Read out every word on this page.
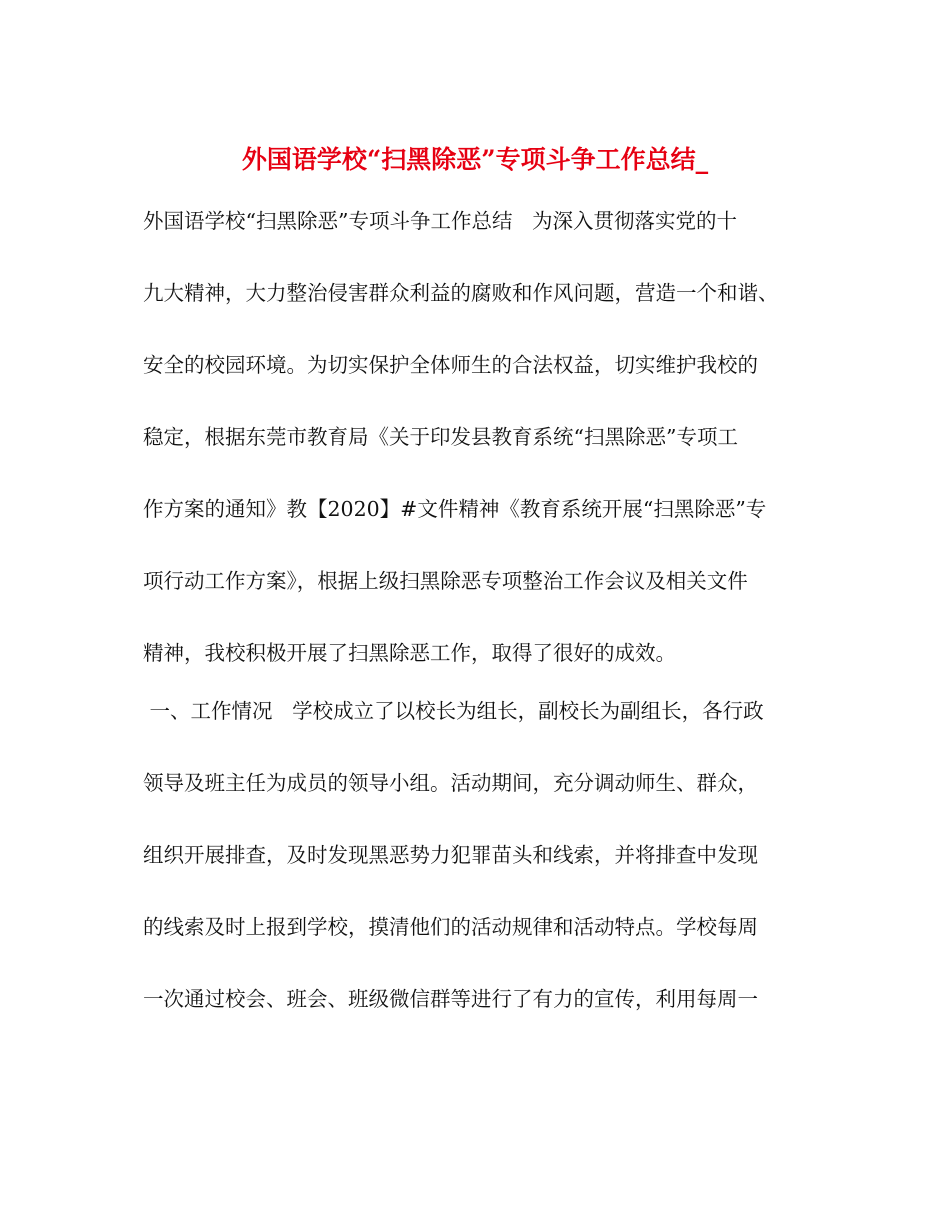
外国语学校“扫黑除恶”专项斗争工作总结_
外国语学校“扫黑除恶”专项斗争工作总结   为深入贯彻落实党的十
九大精神，大力整治侵害群众利益的腐败和作风问题，营造一个和谐、
安全的校园环境。为切实保护全体师生的合法权益，切实维护我校的
稳定，根据东莞市教育局《关于印发县教育系统“扫黑除恶”专项工
作方案的通知》教【2020】#文件精神《教育系统开展“扫黑除恶”专
项行动工作方案》，根据上级扫黑除恶专项整治工作会议及相关文件
精神，我校积极开展了扫黑除恶工作，取得了很好的成效。
一、工作情况   学校成立了以校长为组长，副校长为副组长，各行政
领导及班主任为成员的领导小组。活动期间，充分调动师生、群众，
组织开展排查，及时发现黑恶势力犯罪苗头和线索，并将排查中发现
的线索及时上报到学校，摸清他们的活动规律和活动特点。学校每周
一次通过校会、班会、班级微信群等进行了有力的宣传，利用每周一
